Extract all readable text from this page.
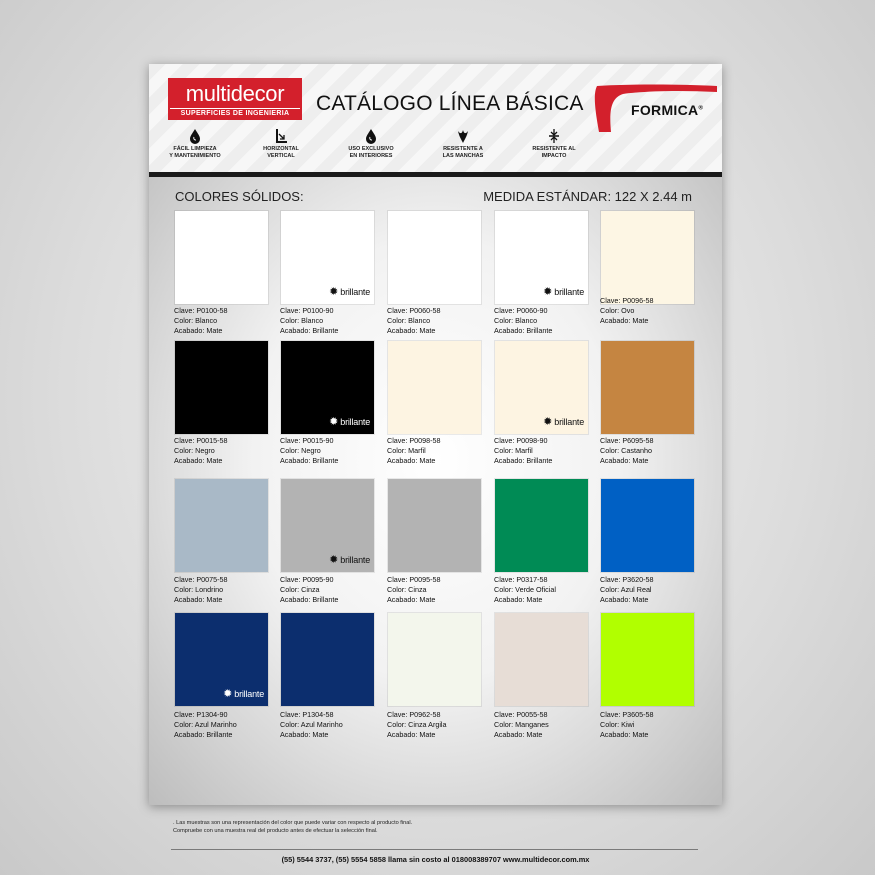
multidecor
SUPERFICIES DE INGENIERIA	CATÁLOGO LÍNEA BÁSICA	FORMICA®
FÁCIL LIMPIEZA
Y MANTENIMIENTO
HORIZONTAL
VERTICAL
USO EXCLUSIVO
EN INTERIORES
RESISTENTE A
LAS MANCHAS
RESISTENTE AL
IMPACTO
COLORES SÓLIDOS:	MEDIDA ESTÁNDAR: 122 X 2.44 m
Clave: P0100-58
Color: Blanco
Acabado: Mate
✹ brillante
Clave: P0100-90
Color: Blanco
Acabado: Brillante
Clave: P0060-58
Color: Blanco
Acabado: Mate
✹ brillante
Clave: P0060-90
Color: Blanco
Acabado: Brillante
Clave: P0096-58
Color: Ovo
Acabado: Mate
Clave: P0015-58
Color: Negro
Acabado: Mate
✹ brillante
Clave: P0015-90
Color: Negro
Acabado: Brillante
Clave: P0098-58
Color: Marfil
Acabado: Mate
✹ brillante
Clave: P0098-90
Color: Marfil
Acabado: Brillante
Clave: P6095-58
Color: Castanho
Acabado: Mate
Clave: P0075-58
Color: Londrino
Acabado: Mate
✹ brillante
Clave: P0095-90
Color: Cinza
Acabado: Brillante
Clave: P0095-58
Color: Cinza
Acabado: Mate
Clave: P0317-58
Color: Verde Oficial
Acabado: Mate
Clave: P3620-58
Color: Azul Real
Acabado: Mate
✹ brillante
Clave: P1304-90
Color: Azul Marinho
Acabado: Brillante
Clave: P1304-58
Color: Azul Marinho
Acabado: Mate
Clave: P0962-58
Color: Cinza Argila
Acabado: Mate
Clave: P0055-58
Color: Manganes
Acabado: Mate
Clave: P3605-58
Color: Kiwi
Acabado: Mate
. Las muestras son una representación del color que puede variar con respecto al producto final.
Compruebe con una muestra real del producto antes de efectuar la selección final.
(55) 5544 3737, (55) 5554 5858 llama sin costo al 018008389707 www.multidecor.com.mx
